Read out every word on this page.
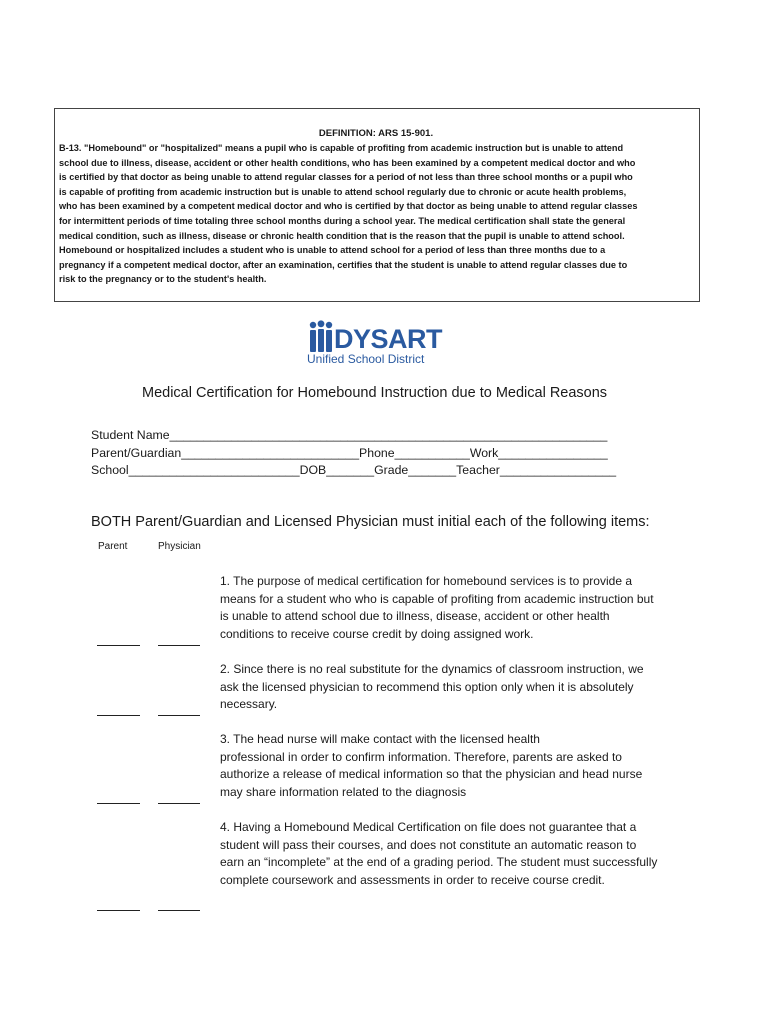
DEFINITION: ARS 15-901.

B-13. "Homebound" or "hospitalized" means a pupil who is capable of profiting from academic instruction but is unable to attend

school due to illness, disease, accident or other health conditions, who has been examined by a competent medical doctor and who

is certified by that doctor as being unable to attend regular classes for a period of not less than three school months or a pupil who

is capable of profiting from academic instruction but is unable to attend school regularly due to chronic or acute health problems,

who has been examined by a competent medical doctor and who is certified by that doctor as being unable to attend regular classes

for intermittent periods of time totaling three school months during a school year. The medical certification shall state the general

medical condition, such as illness, disease or chronic health condition that is the reason that the pupil is unable to attend school.

Homebound or hospitalized includes a student who is unable to attend school for a period of less than three months due to a

pregnancy if a competent medical doctor, after an examination, certifies that the student is unable to attend regular classes due to

risk to the pregnancy or to the student's health.

DYSART
Unified School District
Medical Certification for Homebound Instruction due to Medical Reasons
Student Name________________________________________________________________
Parent/Guardian__________________________Phone___________Work________________
School_________________________DOB_______Grade_______Teacher_________________
BOTH Parent/Guardian and Licensed Physician must initial each of the following items:
Parent	Physician

1. The purpose of medical certification for homebound services is to provide a

means for a student who who is capable of profiting from academic instruction but

is unable to attend school due to illness, disease, accident or other health

conditions to receive course credit by doing assigned work.

2. Since there is no real substitute for the dynamics of classroom instruction, we

ask the licensed physician to recommend this option only when it is absolutely

necessary.

3. The head nurse will make contact with the licensed health

professional in order to confirm information. Therefore, parents are asked to

authorize a release of medical information so that the physician and head nurse

may share information related to the diagnosis

4. Having a Homebound Medical Certification on file does not guarantee that a

student will pass their courses, and does not constitute an automatic reason to

earn an “incomplete” at the end of a grading period. The student must successfully

complete coursework and assessments in order to receive course credit.
